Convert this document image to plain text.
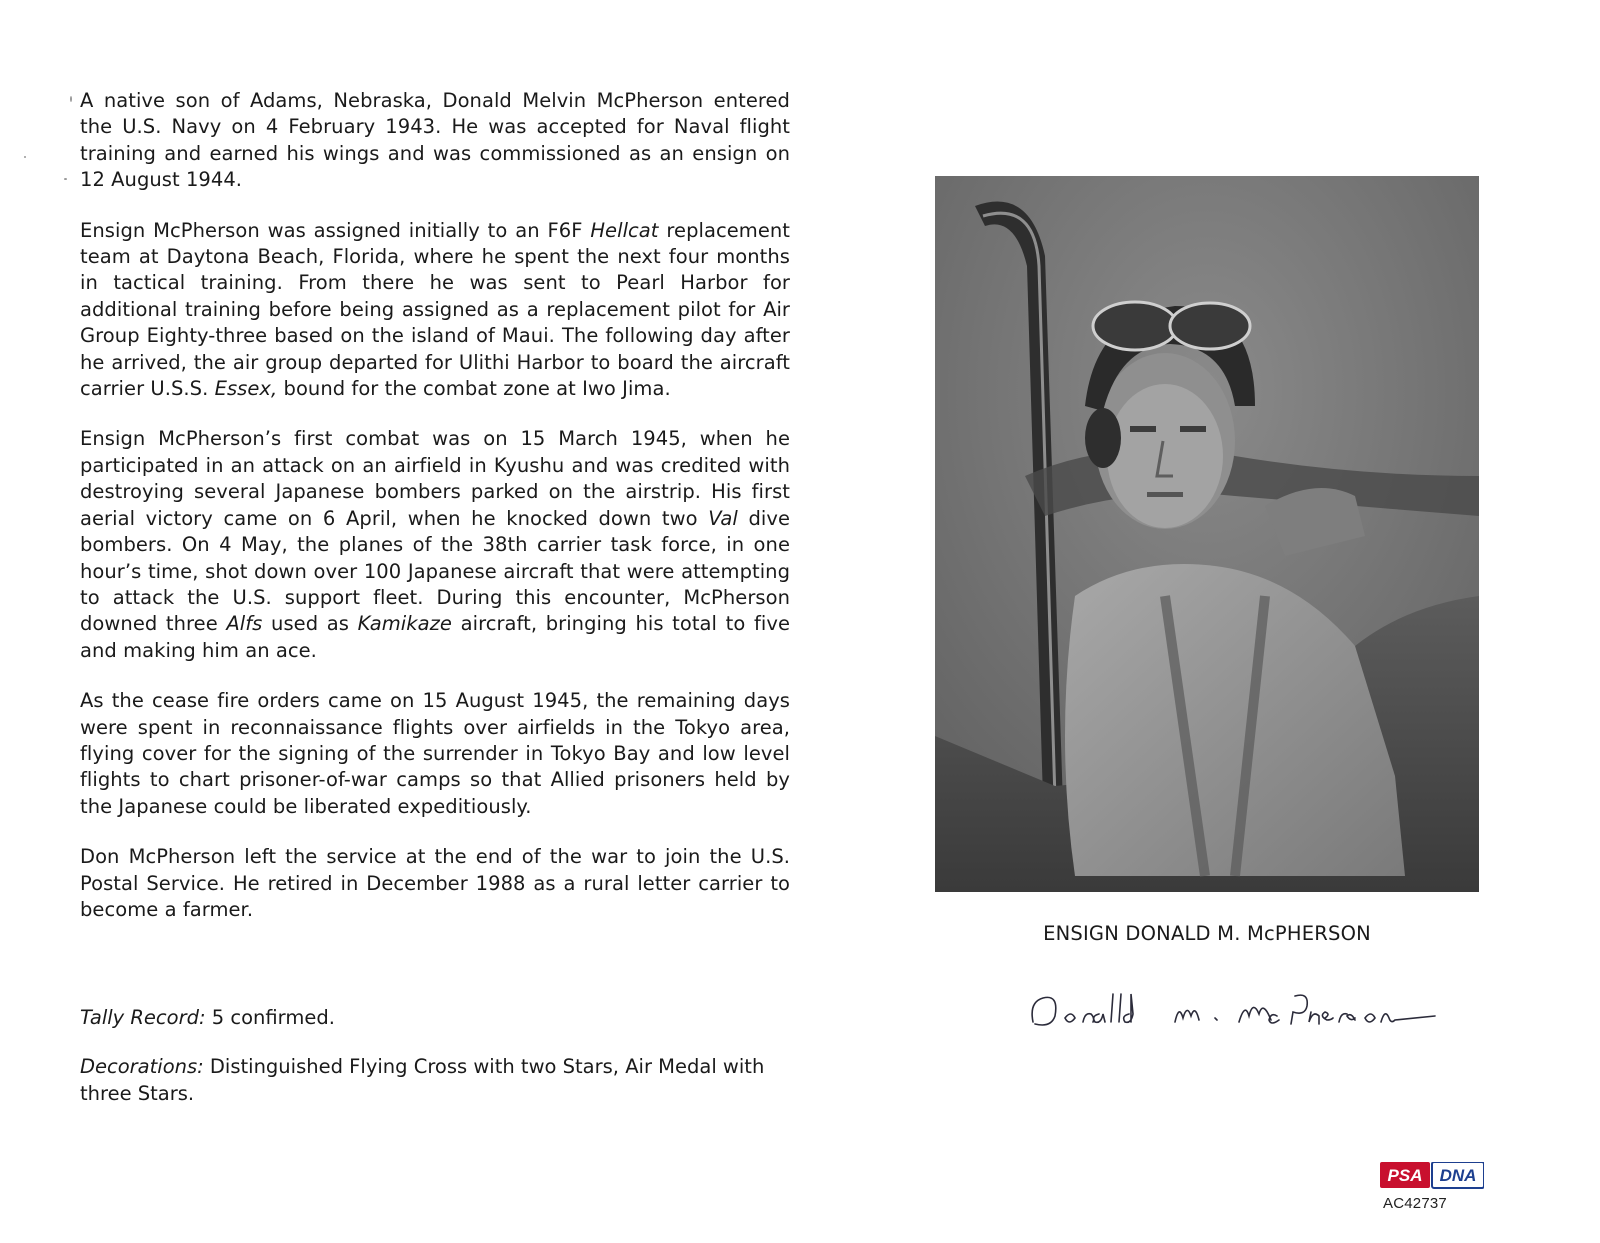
A native son of Adams, Nebraska, Donald Melvin McPherson entered the U.S. Navy on 4 February 1943. He was accepted for Naval flight training and earned his wings and was commissioned as an ensign on 12 August 1944.

Ensign McPherson was assigned initially to an F6F Hellcat replacement team at Daytona Beach, Florida, where he spent the next four months in tactical training. From there he was sent to Pearl Harbor for additional training before being assigned as a replacement pilot for Air Group Eighty-three based on the island of Maui. The following day after he arrived, the air group departed for Ulithi Harbor to board the aircraft carrier U.S.S. Essex, bound for the combat zone at Iwo Jima.

Ensign McPherson’s first combat was on 15 March 1945, when he participated in an attack on an airfield in Kyushu and was credited with destroying several Japanese bombers parked on the airstrip. His first aerial victory came on 6 April, when he knocked down two Val dive bombers. On 4 May, the planes of the 38th carrier task force, in one hour’s time, shot down over 100 Japanese aircraft that were attempting to attack the U.S. support fleet. During this encounter, McPherson downed three Alfs used as Kamikaze aircraft, bringing his total to five and making him an ace.

As the cease fire orders came on 15 August 1945, the remaining days were spent in reconnaissance flights over airfields in the Tokyo area, flying cover for the signing of the surrender in Tokyo Bay and low level flights to chart prisoner-of-war camps so that Allied prisoners held by the Japanese could be liberated expeditiously.

Don McPherson left the service at the end of the war to join the U.S. Postal Service. He retired in December 1988 as a rural letter carrier to become a farmer.

Tally Record: 5 confirmed.

Decorations: Distinguished Flying Cross with two Stars, Air Medal with three Stars.

ENSIGN DONALD M. McPHERSON
PSA DNA
AC42737
